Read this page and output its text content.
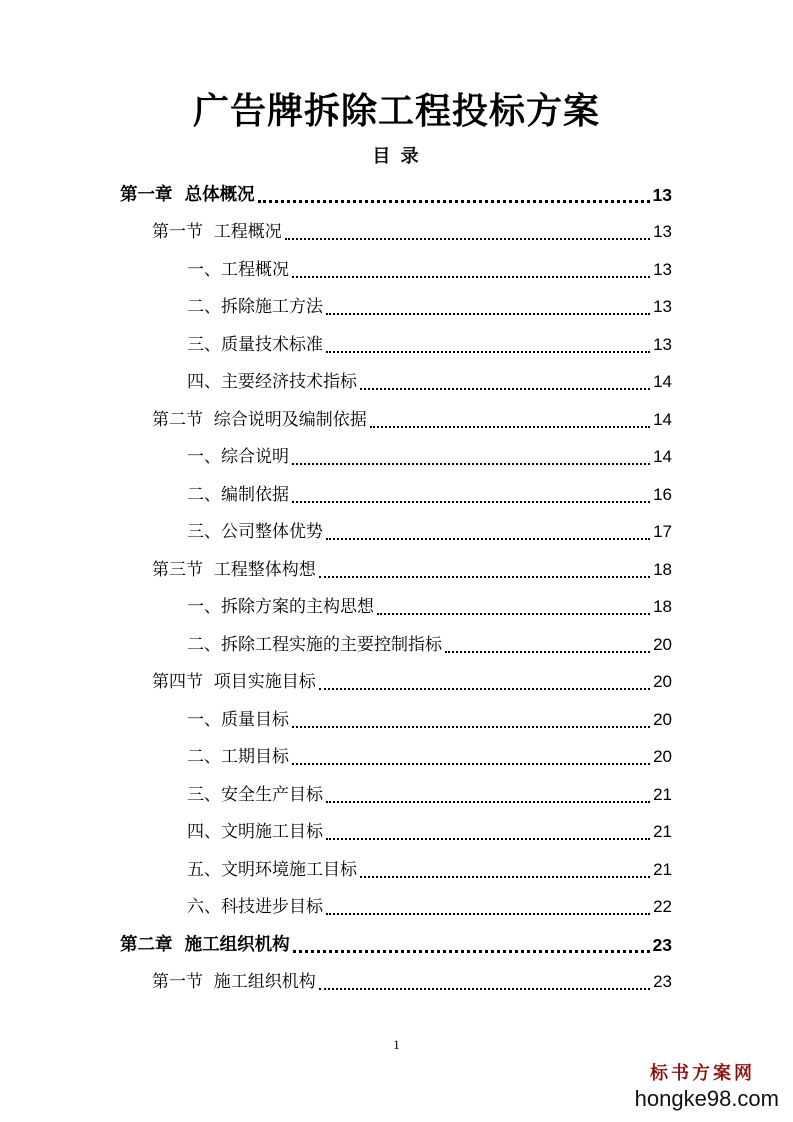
广告牌拆除工程投标方案
目 录
第一章  总体概况	13
第一节  工程概况	13
一、工程概况	13
二、拆除施工方法	13
三、质量技术标准	13
四、主要经济技术指标	14
第二节  综合说明及编制依据	14
一、综合说明	14
二、编制依据	16
三、公司整体优势	17
第三节  工程整体构想	18
一、拆除方案的主构思想	18
二、拆除工程实施的主要控制指标	20
第四节  项目实施目标	20
一、质量目标	20
二、工期目标	20
三、安全生产目标	21
四、文明施工目标	21
五、文明环境施工目标	21
六、科技进步目标	22
第二章  施工组织机构	23
第一节  施工组织机构	23
1
标书方案网
hongke98.com
